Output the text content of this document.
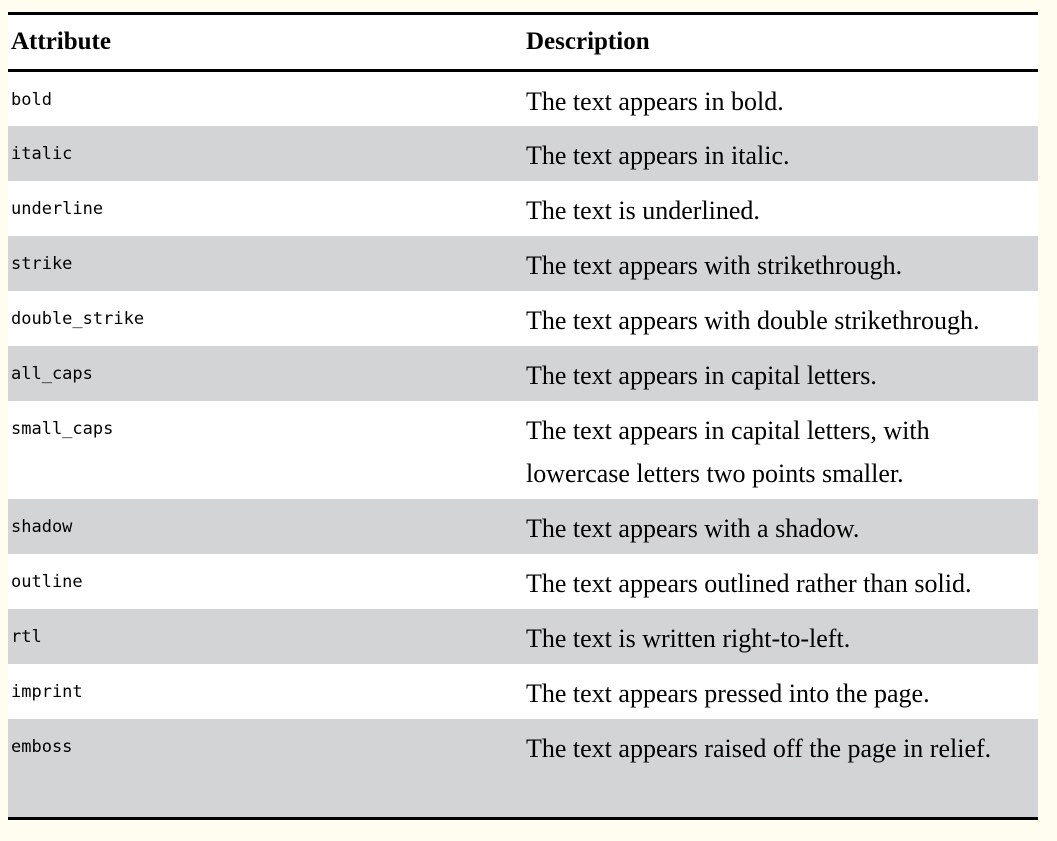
Attribute	Description
bold	The text appears in bold.
italic	The text appears in italic.
underline	The text is underlined.
strike	The text appears with strikethrough.
double_strike	The text appears with double strikethrough.
all_caps	The text appears in capital letters.
small_caps	The text appears in capital letters, with lowercase letters two points smaller.
shadow	The text appears with a shadow.
outline	The text appears outlined rather than solid.
rtl	The text is written right-to-left.
imprint	The text appears pressed into the page.
emboss	The text appears raised off the page in relief.
